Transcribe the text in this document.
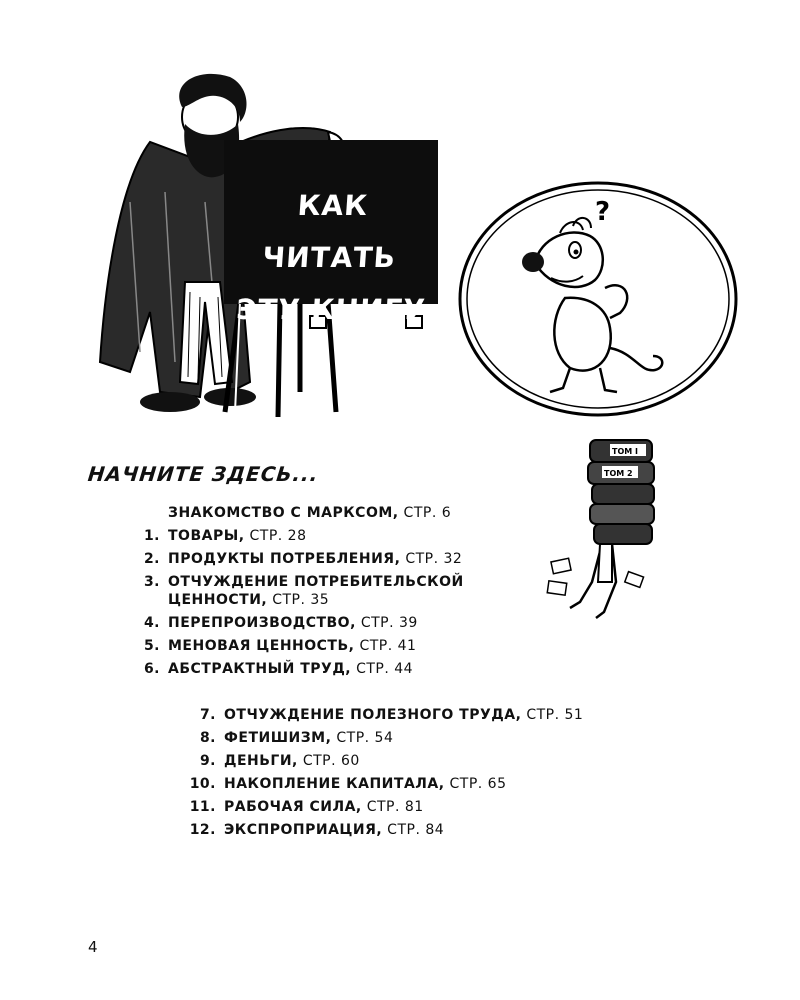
КАК ЧИТАТЬ
ЭТУ КНИГУ
?
ТОМ I
ТОМ 2
НАЧНИТЕ ЗДЕСЬ...
ЗНАКОМСТВО С МАРКСОМ, СТР. 6
1. ТОВАРЫ, СТР. 28
2. ПРОДУКТЫ ПОТРЕБЛЕНИЯ, СТР. 32
3. ОТЧУЖДЕНИЕ ПОТРЕБИТЕЛЬСКОЙ
ЦЕННОСТИ, СТР. 35
4. ПЕРЕПРОИЗВОДСТВО, СТР. 39
5. МЕНОВАЯ ЦЕННОСТЬ, СТР. 41
6. АБСТРАКТНЫЙ ТРУД, СТР. 44
7. ОТЧУЖДЕНИЕ ПОЛЕЗНОГО ТРУДА, СТР. 51
8. ФЕТИШИЗМ, СТР. 54
9. ДЕНЬГИ, СТР. 60
10. НАКОПЛЕНИЕ КАПИТАЛА, СТР. 65
11. РАБОЧАЯ СИЛА, СТР. 81
12. ЭКСПРОПРИАЦИЯ, СТР. 84
4
